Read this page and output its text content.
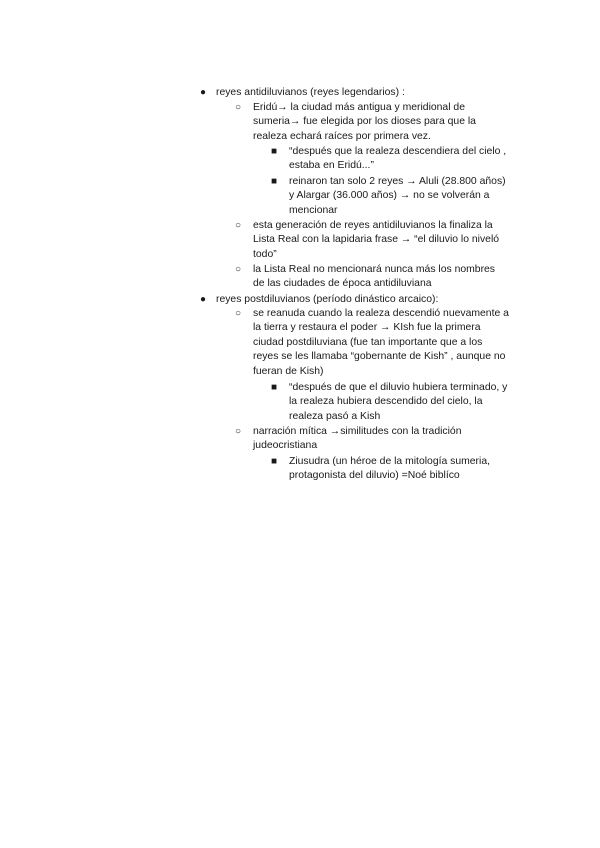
● reyes antidiluvianos (reyes legendarios) :
○ Eridú→ la ciudad más antigua y meridional de
sumeria→ fue elegida por los dioses para que la
realeza echará raíces por primera vez.
■ “después que la realeza descendiera del cielo ,
estaba en Eridú...”
■ reinaron tan solo 2 reyes → Aluli (28.800 años)
y Alargar (36.000 años) → no se volverán a
mencionar
○ esta generación de reyes antidiluvianos la finaliza la
Lista Real con la lapidaria frase → “el diluvio lo niveló
todo”
○ la Lista Real no mencionará nunca más los nombres
de las ciudades de época antidiluviana
● reyes postdiluvianos (período dinástico arcaico):
○ se reanuda cuando la realeza descendió nuevamente a
la tierra y restaura el poder → KIsh fue la primera
ciudad postdiluviana (fue tan importante que a los
reyes se les llamaba “gobernante de Kish” , aunque no
fueran de Kish)
■ “después de que el diluvio hubiera terminado, y
la realeza hubiera descendido del cielo, la
realeza pasó a Kish
○ narración mítica →similitudes con la tradición
judeocristiana
■ Ziusudra (un héroe de la mitología sumeria,
protagonista del diluvio) =Noé biblíco
